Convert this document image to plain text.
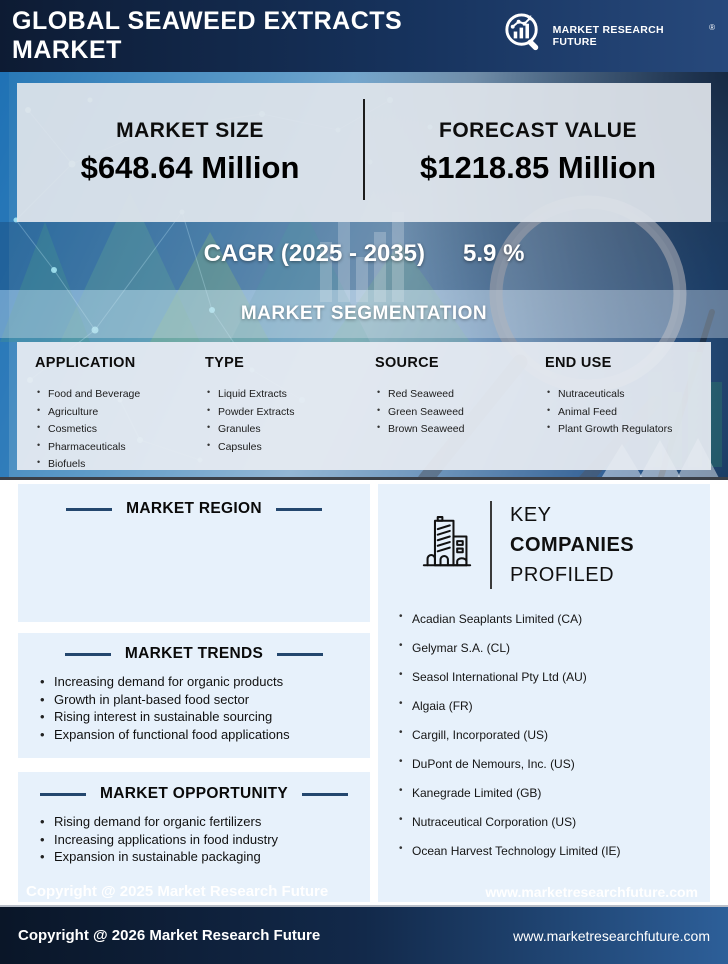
GLOBAL SEAWEED EXTRACTS MARKET
MARKET RESEARCH FUTURE
®
MARKET SIZE
$648.64 Million
FORECAST VALUE
$1218.85 Million
CAGR (2025 - 2035) 5.9 %
MARKET SEGMENTATION
APPLICATION
• Food and Beverage
• Agriculture
• Cosmetics
• Pharmaceuticals
• Biofuels
TYPE
• Liquid Extracts
• Powder Extracts
• Granules
• Capsules
SOURCE
• Red Seaweed
• Green Seaweed
• Brown Seaweed
END USE
• Nutraceuticals
• Animal Feed
• Plant Growth Regulators
MARKET REGION
MARKET TRENDS
• Increasing demand for organic products
• Growth in plant-based food sector
• Rising interest in sustainable sourcing
• Expansion of functional food applications
MARKET OPPORTUNITY
• Rising demand for organic fertilizers
• Increasing applications in food industry
• Expansion in sustainable packaging
Copyright @ 2025 Market Research Future
KEY
COMPANIES
PROFILED
• Acadian Seaplants Limited (CA)
• Gelymar S.A. (CL)
• Seasol International Pty Ltd (AU)
• Algaia (FR)
• Cargill, Incorporated (US)
• DuPont de Nemours, Inc. (US)
• Kanegrade Limited (GB)
• Nutraceutical Corporation (US)
• Ocean Harvest Technology Limited (IE)
www.marketresearchfuture.com
Copyright @ 2026 Market Research Future	www.marketresearchfuture.com
